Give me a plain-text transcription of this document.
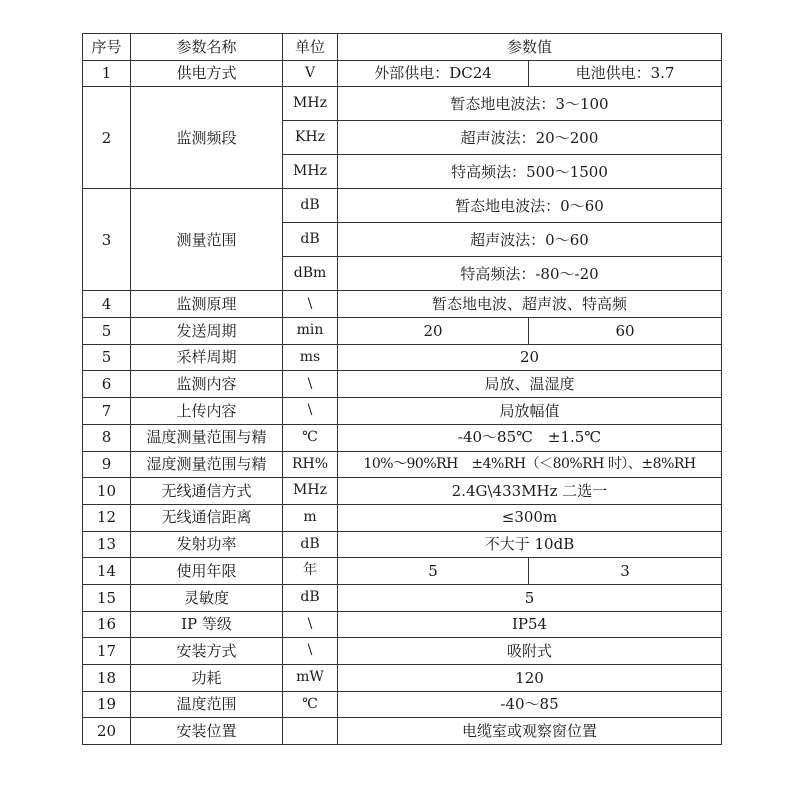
序号	参数名称	单位	参数值	
1	供电方式	V	外部供电：DC24	电池供电：3.7
2	监测频段	MHz	暂态地电波法：3～100	
		KHz	超声波法：20～200	
		MHz	特高频法：500～1500	
3	测量范围	dB	暂态地电波法：0～60	
		dB	超声波法：0～60	
		dBm	特高频法：-80～-20	
4	监测原理	\	暂态地电波、超声波、特高频	
5	发送周期	min	20	60
5	采样周期	ms	20	
6	监测内容	\	局放、温湿度	
7	上传内容	\	局放幅值	
8	温度测量范围与精	℃	-40～85℃　±1.5℃	
9	湿度测量范围与精	RH%	10%～90%RH　±4%RH（＜80%RH 时）、±8%RH	
10	无线通信方式	MHz	2.4G\433MHz 二选一	
12	无线通信距离	m	≤300m	
13	发射功率	dB	不大于 10dB	
14	使用年限	年	5	3
15	灵敏度	dB	5	
16	IP 等级	\	IP54	
17	安装方式	\	吸附式	
18	功耗	mW	120	
19	温度范围	℃	-40～85	
20	安装位置		电缆室或观察窗位置	
